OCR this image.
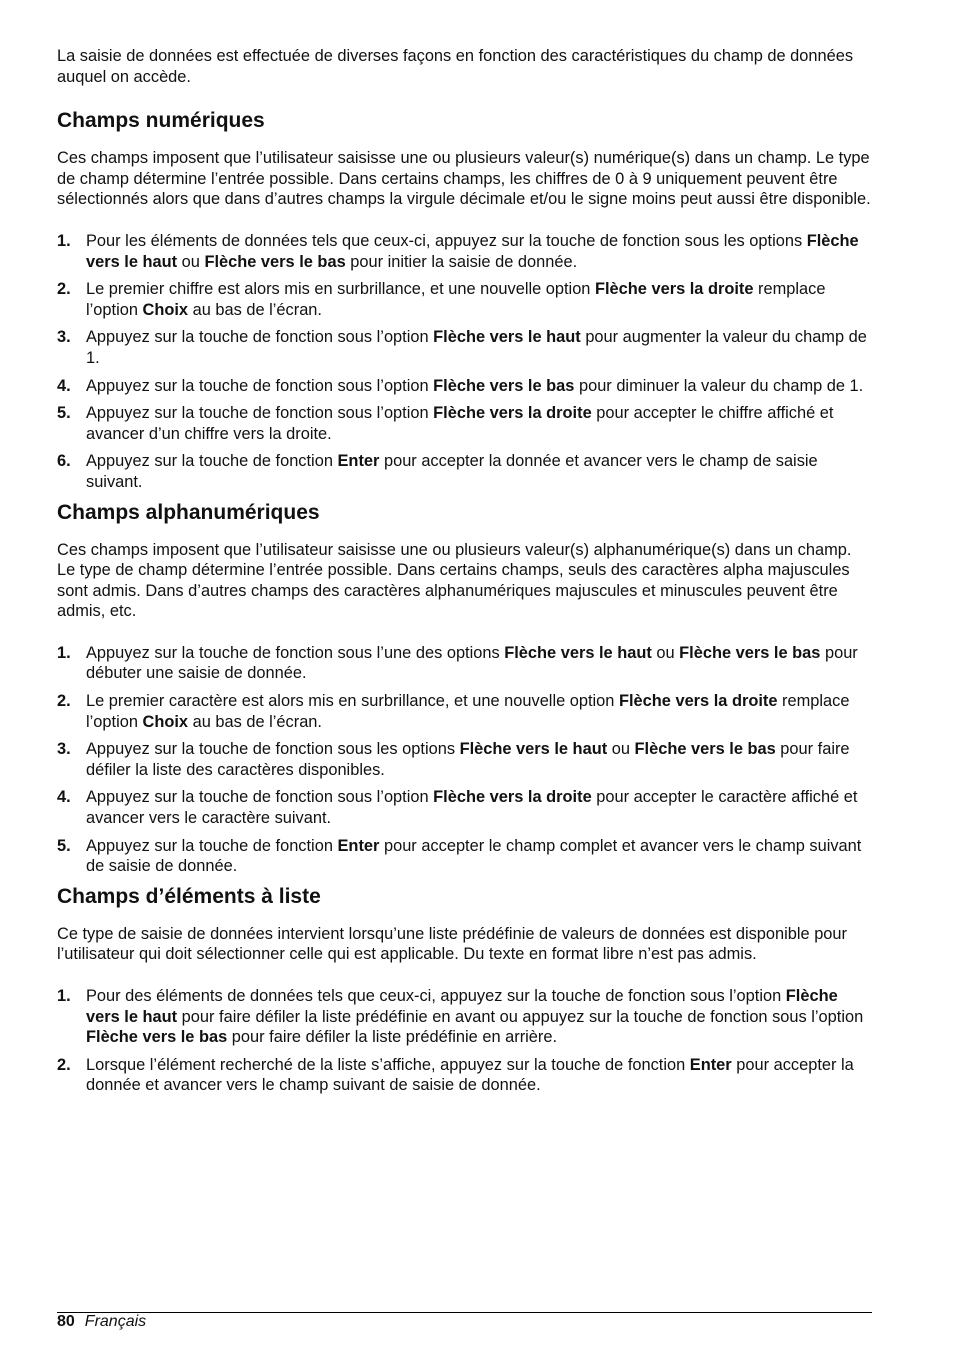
La saisie de données est effectuée de diverses façons en fonction des caractéristiques du champ de données auquel on accède.

Champs numériques

Ces champs imposent que l’utilisateur saisisse une ou plusieurs valeur(s) numérique(s) dans un champ. Le type de champ détermine l’entrée possible. Dans certains champs, les chiffres de 0 à 9 uniquement peuvent être sélectionnés alors que dans d’autres champs la virgule décimale et/ou le signe moins peut aussi être disponible.

1. Pour les éléments de données tels que ceux-ci, appuyez sur la touche de fonction sous les options Flèche vers le haut ou Flèche vers le bas pour initier la saisie de donnée.
2. Le premier chiffre est alors mis en surbrillance, et une nouvelle option Flèche vers la droite remplace l’option Choix au bas de l’écran.
3. Appuyez sur la touche de fonction sous l’option Flèche vers le haut pour augmenter la valeur du champ de 1.
4. Appuyez sur la touche de fonction sous l’option Flèche vers le bas pour diminuer la valeur du champ de 1.
5. Appuyez sur la touche de fonction sous l’option Flèche vers la droite pour accepter le chiffre affiché et avancer d’un chiffre vers la droite.
6. Appuyez sur la touche de fonction Enter pour accepter la donnée et avancer vers le champ de saisie suivant.
Champs alphanumériques

Ces champs imposent que l’utilisateur saisisse une ou plusieurs valeur(s) alphanumérique(s) dans un champ. Le type de champ détermine l’entrée possible. Dans certains champs, seuls des caractères alpha majuscules sont admis. Dans d’autres champs des caractères alphanumériques majuscules et minuscules peuvent être admis, etc.

1. Appuyez sur la touche de fonction sous l’une des options Flèche vers le haut ou Flèche vers le bas pour débuter une saisie de donnée.
2. Le premier caractère est alors mis en surbrillance, et une nouvelle option Flèche vers la droite remplace l’option Choix au bas de l’écran.
3. Appuyez sur la touche de fonction sous les options Flèche vers le haut ou Flèche vers le bas pour faire défiler la liste des caractères disponibles.
4. Appuyez sur la touche de fonction sous l’option Flèche vers la droite pour accepter le caractère affiché et avancer vers le caractère suivant.
5. Appuyez sur la touche de fonction Enter pour accepter le champ complet et avancer vers le champ suivant de saisie de donnée.
Champs d’éléments à liste

Ce type de saisie de données intervient lorsqu’une liste prédéfinie de valeurs de données est disponible pour l’utilisateur qui doit sélectionner celle qui est applicable. Du texte en format libre n’est pas admis.

1. Pour des éléments de données tels que ceux-ci, appuyez sur la touche de fonction sous l’option Flèche vers le haut pour faire défiler la liste prédéfinie en avant ou appuyez sur la touche de fonction sous l’option Flèche vers le bas pour faire défiler la liste prédéfinie en arrière.
2. Lorsque l’élément recherché de la liste s’affiche, appuyez sur la touche de fonction Enter pour accepter la donnée et avancer vers le champ suivant de saisie de donnée.
80 Français
